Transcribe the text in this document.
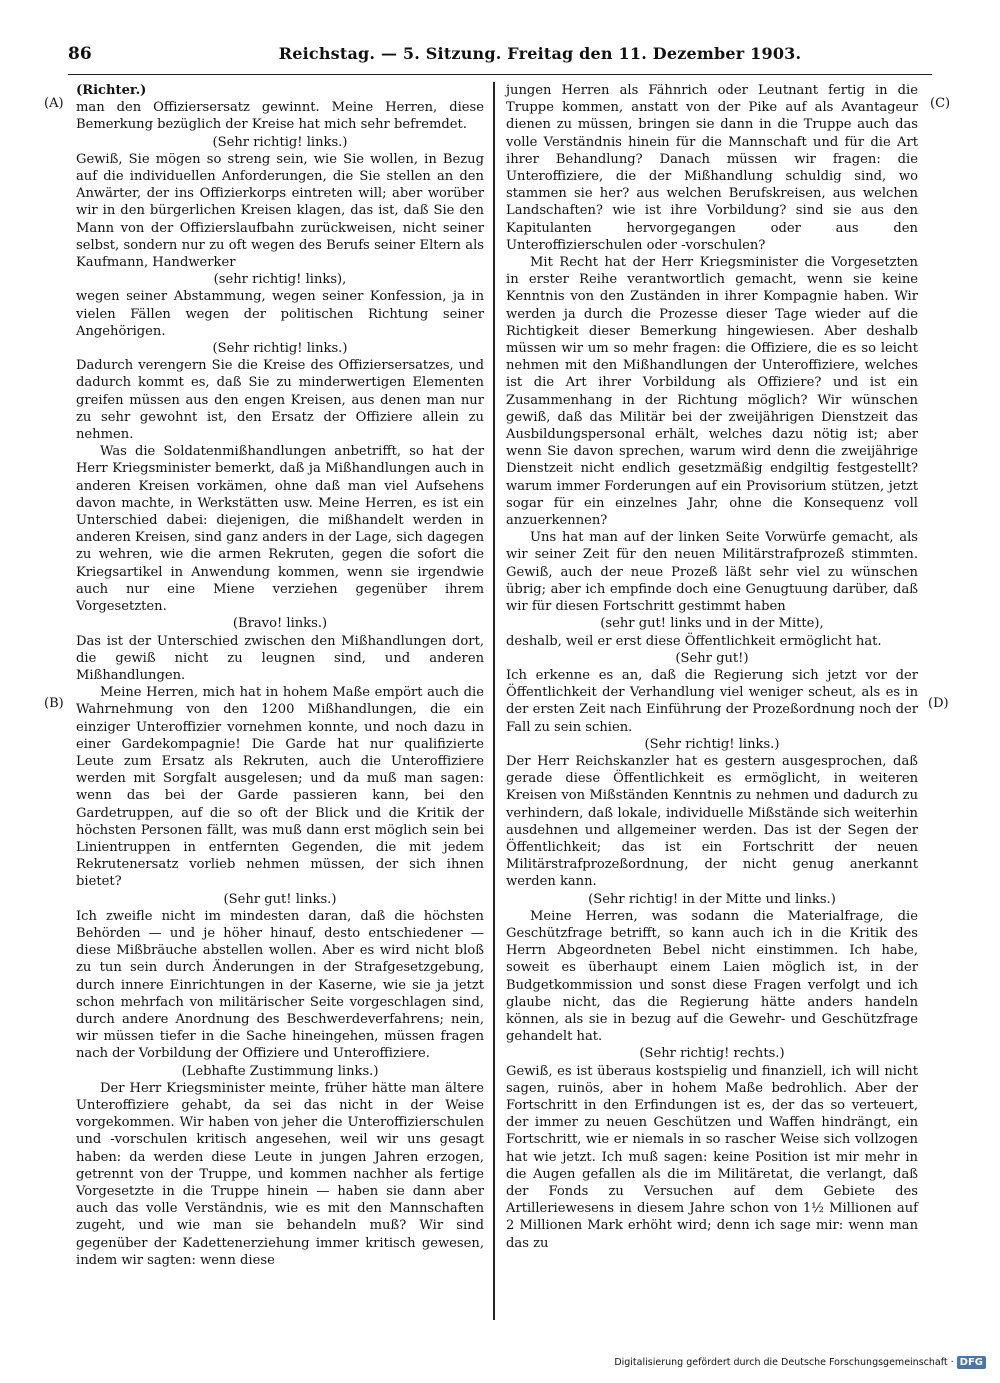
86	Reichstag. — 5. Sitzung. Freitag den 11. Dezember 1903.
(A)
(B)
(C)
(D)

(Richter.)

man den Offiziersersatz gewinnt. Meine Herren, diese Bemerkung bezüglich der Kreise hat mich sehr befremdet.

(Sehr richtig! links.)

Gewiß, Sie mögen so streng sein, wie Sie wollen, in Bezug auf die individuellen Anforderungen, die Sie stellen an den Anwärter, der ins Offizierkorps eintreten will; aber worüber wir in den bürgerlichen Kreisen klagen, das ist, daß Sie den Mann von der Offizierslaufbahn zurückweisen, nicht seiner selbst, sondern nur zu oft wegen des Berufs seiner Eltern als Kaufmann, Handwerker

(sehr richtig! links),

wegen seiner Abstammung, wegen seiner Konfession, ja in vielen Fällen wegen der politischen Richtung seiner Angehörigen.

(Sehr richtig! links.)

Dadurch verengern Sie die Kreise des Offiziersersatzes, und dadurch kommt es, daß Sie zu minderwertigen Elementen greifen müssen aus den engen Kreisen, aus denen man nur zu sehr gewohnt ist, den Ersatz der Offiziere allein zu nehmen.

Was die Soldatenmißhandlungen anbetrifft, so hat der Herr Kriegsminister bemerkt, daß ja Mißhandlungen auch in anderen Kreisen vorkämen, ohne daß man viel Aufsehens davon machte, in Werkstätten usw. Meine Herren, es ist ein Unterschied dabei: diejenigen, die mißhandelt werden in anderen Kreisen, sind ganz anders in der Lage, sich dagegen zu wehren, wie die armen Rekruten, gegen die sofort die Kriegsartikel in Anwendung kommen, wenn sie irgendwie auch nur eine Miene verziehen gegenüber ihrem Vorgesetzten.

(Bravo! links.)

Das ist der Unterschied zwischen den Mißhandlungen dort, die gewiß nicht zu leugnen sind, und anderen Mißhandlungen.

Meine Herren, mich hat in hohem Maße empört auch die Wahrnehmung von den 1200 Mißhandlungen, die ein einziger Unteroffizier vornehmen konnte, und noch dazu in einer Gardekompagnie! Die Garde hat nur qualifizierte Leute zum Ersatz als Rekruten, auch die Unteroffiziere werden mit Sorgfalt ausgelesen; und da muß man sagen: wenn das bei der Garde passieren kann, bei den Gardetruppen, auf die so oft der Blick und die Kritik der höchsten Personen fällt, was muß dann erst möglich sein bei Linientruppen in entfernten Gegenden, die mit jedem Rekrutenersatz vorlieb nehmen müssen, der sich ihnen bietet?

(Sehr gut! links.)

Ich zweifle nicht im mindesten daran, daß die höchsten Behörden — und je höher hinauf, desto entschiedener — diese Mißbräuche abstellen wollen. Aber es wird nicht bloß zu tun sein durch Änderungen in der Strafgesetzgebung, durch innere Einrichtungen in der Kaserne, wie sie ja jetzt schon mehrfach von militärischer Seite vorgeschlagen sind, durch andere Anordnung des Beschwerdeverfahrens; nein, wir müssen tiefer in die Sache hineingehen, müssen fragen nach der Vorbildung der Offiziere und Unteroffiziere.

(Lebhafte Zustimmung links.)

Der Herr Kriegsminister meinte, früher hätte man ältere Unteroffiziere gehabt, da sei das nicht in der Weise vorgekommen. Wir haben von jeher die Unteroffizierschulen und -vorschulen kritisch angesehen, weil wir uns gesagt haben: da werden diese Leute in jungen Jahren erzogen, getrennt von der Truppe, und kommen nachher als fertige Vorgesetzte in die Truppe hinein — haben sie dann aber auch das volle Verständnis, wie es mit den Mannschaften zugeht, und wie man sie behandeln muß? Wir sind gegenüber der Kadettenerziehung immer kritisch gewesen, indem wir sagten: wenn diese

jungen Herren als Fähnrich oder Leutnant fertig in die Truppe kommen, anstatt von der Pike auf als Avantageur dienen zu müssen, bringen sie dann in die Truppe auch das volle Verständnis hinein für die Mannschaft und für die Art ihrer Behandlung? Danach müssen wir fragen: die Unteroffiziere, die der Mißhandlung schuldig sind, wo stammen sie her? aus welchen Berufskreisen, aus welchen Landschaften? wie ist ihre Vorbildung? sind sie aus den Kapitulanten hervorgegangen oder aus den Unteroffizierschulen oder -vorschulen?

Mit Recht hat der Herr Kriegsminister die Vorgesetzten in erster Reihe verantwortlich gemacht, wenn sie keine Kenntnis von den Zuständen in ihrer Kompagnie haben. Wir werden ja durch die Prozesse dieser Tage wieder auf die Richtigkeit dieser Bemerkung hingewiesen. Aber deshalb müssen wir um so mehr fragen: die Offiziere, die es so leicht nehmen mit den Mißhandlungen der Unteroffiziere, welches ist die Art ihrer Vorbildung als Offiziere? und ist ein Zusammenhang in der Richtung möglich? Wir wünschen gewiß, daß das Militär bei der zweijährigen Dienstzeit das Ausbildungspersonal erhält, welches dazu nötig ist; aber wenn Sie davon sprechen, warum wird denn die zweijährige Dienstzeit nicht endlich gesetzmäßig endgiltig festgestellt? warum immer Forderungen auf ein Provisorium stützen, jetzt sogar für ein einzelnes Jahr, ohne die Konsequenz voll anzuerkennen?

Uns hat man auf der linken Seite Vorwürfe gemacht, als wir seiner Zeit für den neuen Militärstrafprozeß stimmten. Gewiß, auch der neue Prozeß läßt sehr viel zu wünschen übrig; aber ich empfinde doch eine Genugtuung darüber, daß wir für diesen Fortschritt gestimmt haben

(sehr gut! links und in der Mitte),

deshalb, weil er erst diese Öffentlichkeit ermöglicht hat.

(Sehr gut!)

Ich erkenne es an, daß die Regierung sich jetzt vor der Öffentlichkeit der Verhandlung viel weniger scheut, als es in der ersten Zeit nach Einführung der Prozeßordnung noch der Fall zu sein schien.

(Sehr richtig! links.)

Der Herr Reichskanzler hat es gestern ausgesprochen, daß gerade diese Öffentlichkeit es ermöglicht, in weiteren Kreisen von Mißständen Kenntnis zu nehmen und dadurch zu verhindern, daß lokale, individuelle Mißstände sich weiterhin ausdehnen und allgemeiner werden. Das ist der Segen der Öffentlichkeit; das ist ein Fortschritt der neuen Militärstrafprozeßordnung, der nicht genug anerkannt werden kann.

(Sehr richtig! in der Mitte und links.)

Meine Herren, was sodann die Materialfrage, die Geschützfrage betrifft, so kann auch ich in die Kritik des Herrn Abgeordneten Bebel nicht einstimmen. Ich habe, soweit es überhaupt einem Laien möglich ist, in der Budgetkommission und sonst diese Fragen verfolgt und ich glaube nicht, das die Regierung hätte anders handeln können, als sie in bezug auf die Gewehr- und Geschützfrage gehandelt hat.

(Sehr richtig! rechts.)

Gewiß, es ist überaus kostspielig und finanziell, ich will nicht sagen, ruinös, aber in hohem Maße bedrohlich. Aber der Fortschritt in den Erfindungen ist es, der das so verteuert, der immer zu neuen Geschützen und Waffen hindrängt, ein Fortschritt, wie er niemals in so rascher Weise sich vollzogen hat wie jetzt. Ich muß sagen: keine Position ist mir mehr in die Augen gefallen als die im Militäretat, die verlangt, daß der Fonds zu Versuchen auf dem Gebiete des Artilleriewesens in diesem Jahre schon von 1½ Millionen auf 2 Millionen Mark erhöht wird; denn ich sage mir: wenn man das zu

Digitalisierung gefördert durch die Deutsche Forschungsgemeinschaft · DFG
